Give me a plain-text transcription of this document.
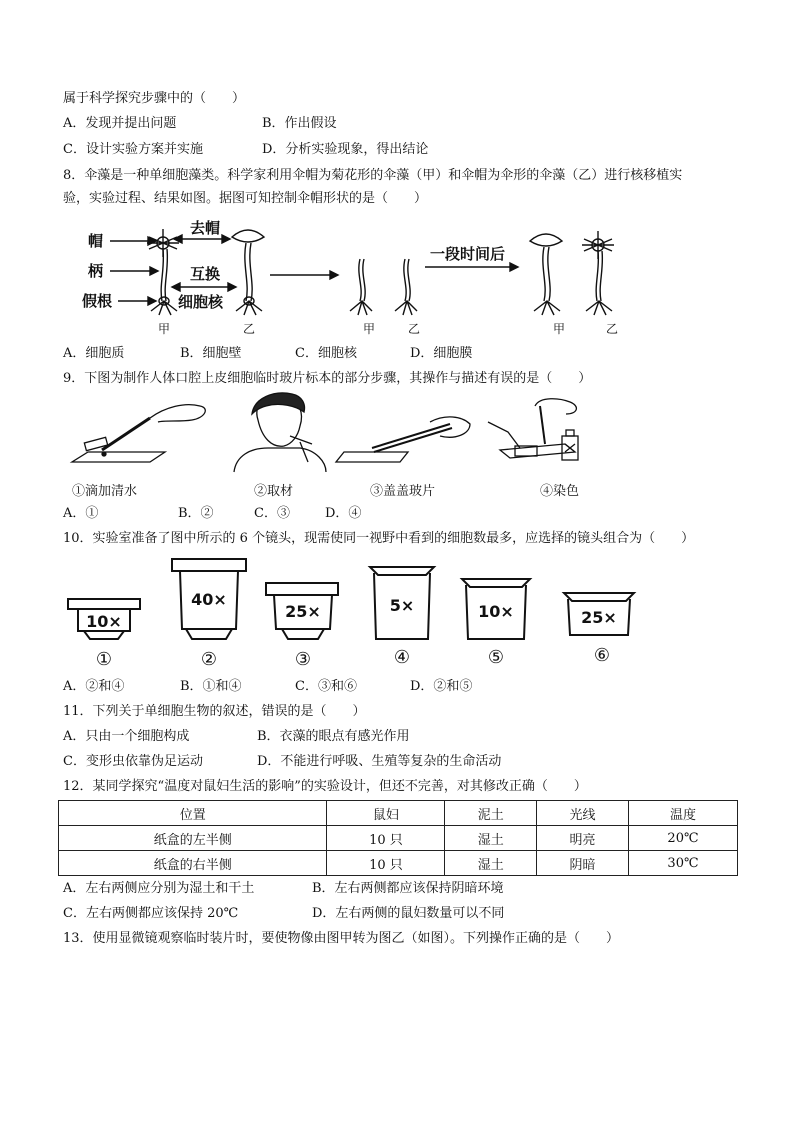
属于科学探究步骤中的（　　）
A．发现并提出问题	B．作出假设
C．设计实验方案并实施	D．分析实验现象，得出结论
8．伞藻是一种单细胞藻类。科学家利用伞帽为菊花形的伞藻（甲）和伞帽为伞形的伞藻（乙）进行核移植实
验，实验过程、结果如图。据图可知控制伞帽形状的是（　　）
帽
柄
假根
去帽
互换
细胞核
一段时间后
甲	乙	甲	乙	甲	乙
A．细胞质	B．细胞壁	C．细胞核	D．细胞膜
9．下图为制作人体口腔上皮细胞临时玻片标本的部分步骤，其操作与描述有误的是（　　）
①滴加清水	②取材	③盖盖玻片	④染色
A．①	B．②	C．③	D．④
10．实验室准备了图中所示的 6 个镜头，现需使同一视野中看到的细胞数最多，应选择的镜头组合为（　　）
10×
40×
25×	5×	10×	25×
①	②	③	④	⑤	⑥
A．②和④	B．①和④	C．③和⑥	D．②和⑤
11．下列关于单细胞生物的叙述，错误的是（　　）
A．只由一个细胞构成	B．衣藻的眼点有感光作用
C．变形虫依靠伪足运动	D．不能进行呼吸、生殖等复杂的生命活动
12．某同学探究“温度对鼠妇生活的影响”的实验设计，但还不完善，对其修改正确（　　）
位置	鼠妇	泥土	光线	温度
纸盒的左半侧	10 只	湿土	明亮	20℃
纸盒的右半侧	10 只	湿土	阴暗	30℃
A．左右两侧应分别为湿土和干土	B．左右两侧都应该保持阴暗环境
C．左右两侧都应该保持 20℃	D．左右两侧的鼠妇数量可以不同
13．使用显微镜观察临时装片时，要使物像由图甲转为图乙（如图）。下列操作正确的是（　　）
